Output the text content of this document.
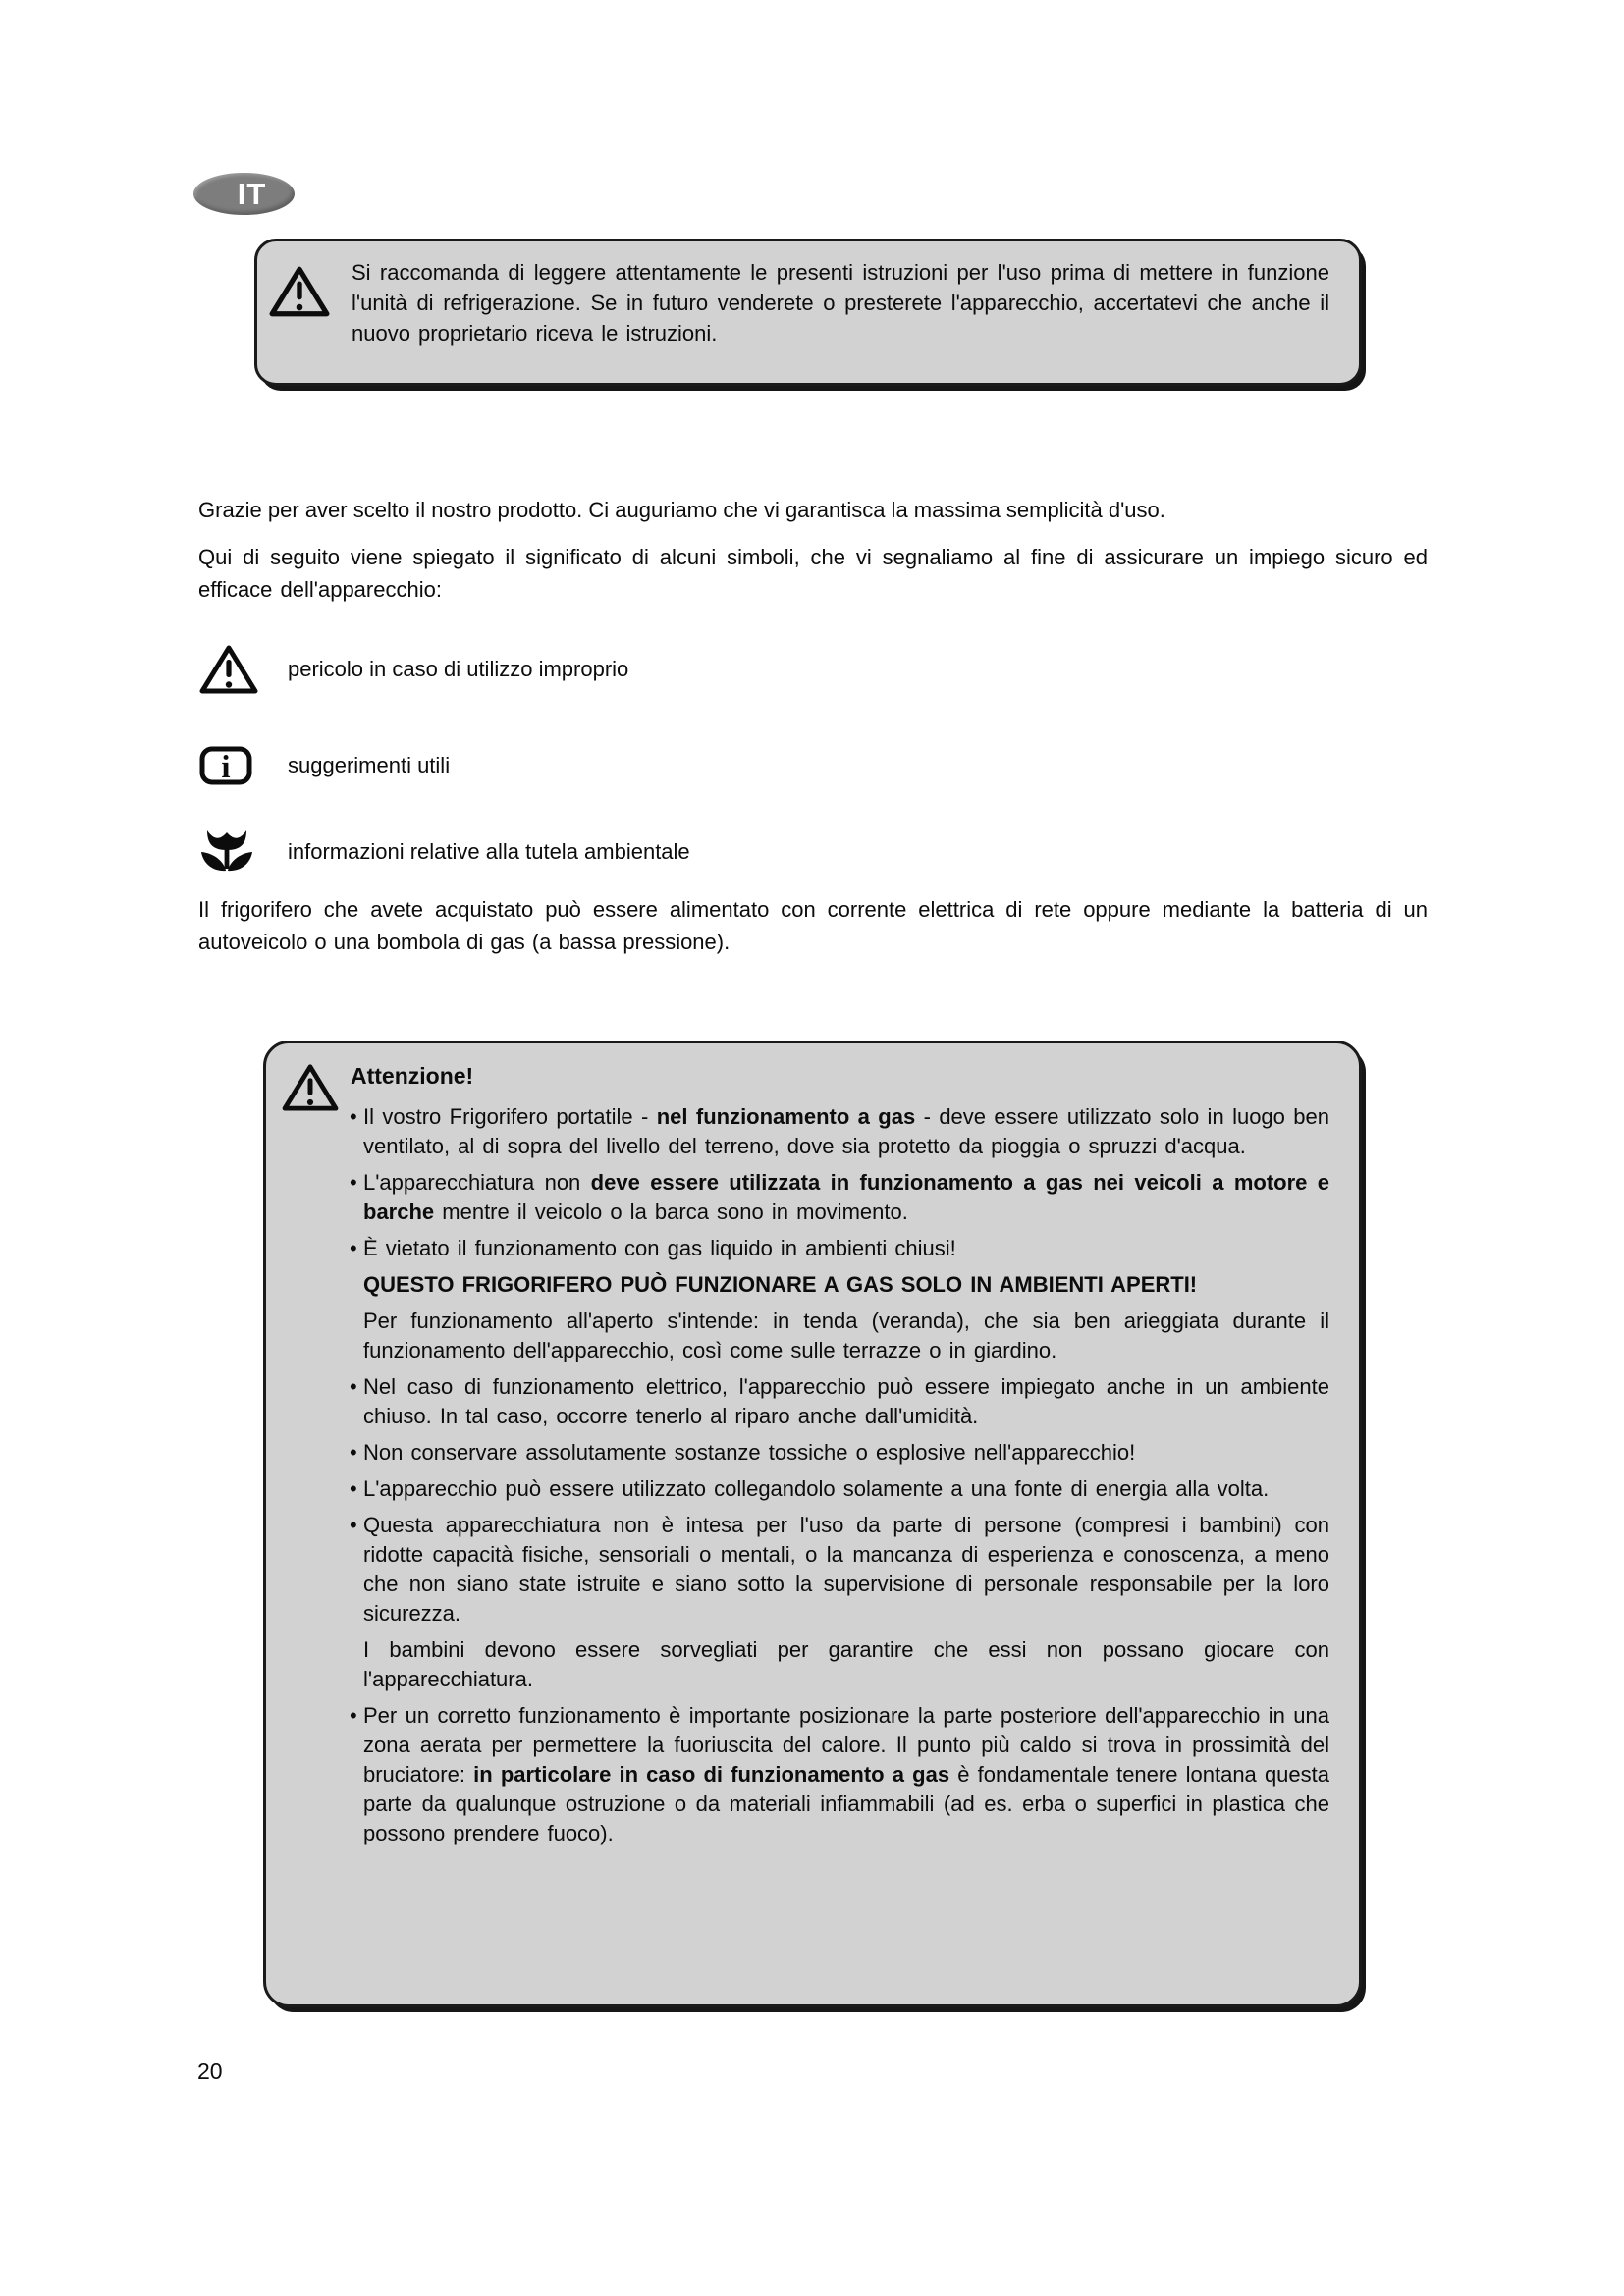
IT

Si raccomanda di leggere attentamente le presenti istruzioni per l'uso prima di mettere in funzione l'unità di refrigerazione. Se in futuro venderete o presterete l'apparecchio, accertatevi che anche il nuovo proprietario riceva le istruzioni.

Grazie per aver scelto il nostro prodotto. Ci auguriamo che vi garantisca la massima semplicità d'uso.

Qui di seguito viene spiegato il significato di alcuni simboli, che vi segnaliamo al fine di assicurare un impiego sicuro ed efficace dell'apparecchio:

pericolo in caso di utilizzo improprio
i	suggerimenti utili
informazioni relative alla tutela ambientale

Il frigorifero che avete acquistato può essere alimentato con corrente elettrica di rete oppure mediante la batteria di un autoveicolo o una bombola di gas (a bassa pressione).

Attenzione!
• Il vostro Frigorifero portatile - nel funzionamento a gas - deve essere utilizzato solo in luogo ben ventilato, al di sopra del livello del terreno, dove sia protetto da pioggia o spruzzi d'acqua.
• L'apparecchiatura non deve essere utilizzata in funzionamento a gas nei veicoli a motore e barche mentre il veicolo o la barca sono in movimento.
• È vietato il funzionamento con gas liquido in ambienti chiusi!
QUESTO FRIGORIFERO PUÒ FUNZIONARE A GAS SOLO IN AMBIENTI APERTI!
Per funzionamento all'aperto s'intende: in tenda (veranda), che sia ben arieggiata durante il funzionamento dell'apparecchio, così come sulle terrazze o in giardino.
• Nel caso di funzionamento elettrico, l'apparecchio può essere impiegato anche in un ambiente chiuso. In tal caso, occorre tenerlo al riparo anche dall'umidità.
• Non conservare assolutamente sostanze tossiche o esplosive nell'apparecchio!
• L'apparecchio può essere utilizzato collegandolo solamente a una fonte di energia alla volta.
• Questa apparecchiatura non è intesa per l'uso da parte di persone (compresi i bambini) con ridotte capacità fisiche, sensoriali o mentali, o la mancanza di esperienza e conoscenza, a meno che non siano state istruite e siano sotto la supervisione di personale responsabile per la loro sicurezza.
I bambini devono essere sorvegliati per garantire che essi non possano giocare con l'apparecchiatura.
• Per un corretto funzionamento è importante posizionare la parte posteriore dell'apparecchio in una zona aerata per permettere la fuoriuscita del calore. Il punto più caldo si trova in prossimità del bruciatore: in particolare in caso di funzionamento a gas è fondamentale tenere lontana questa parte da qualunque ostruzione o da materiali infiammabili (ad es. erba o superfici in plastica che possono prendere fuoco).
20
